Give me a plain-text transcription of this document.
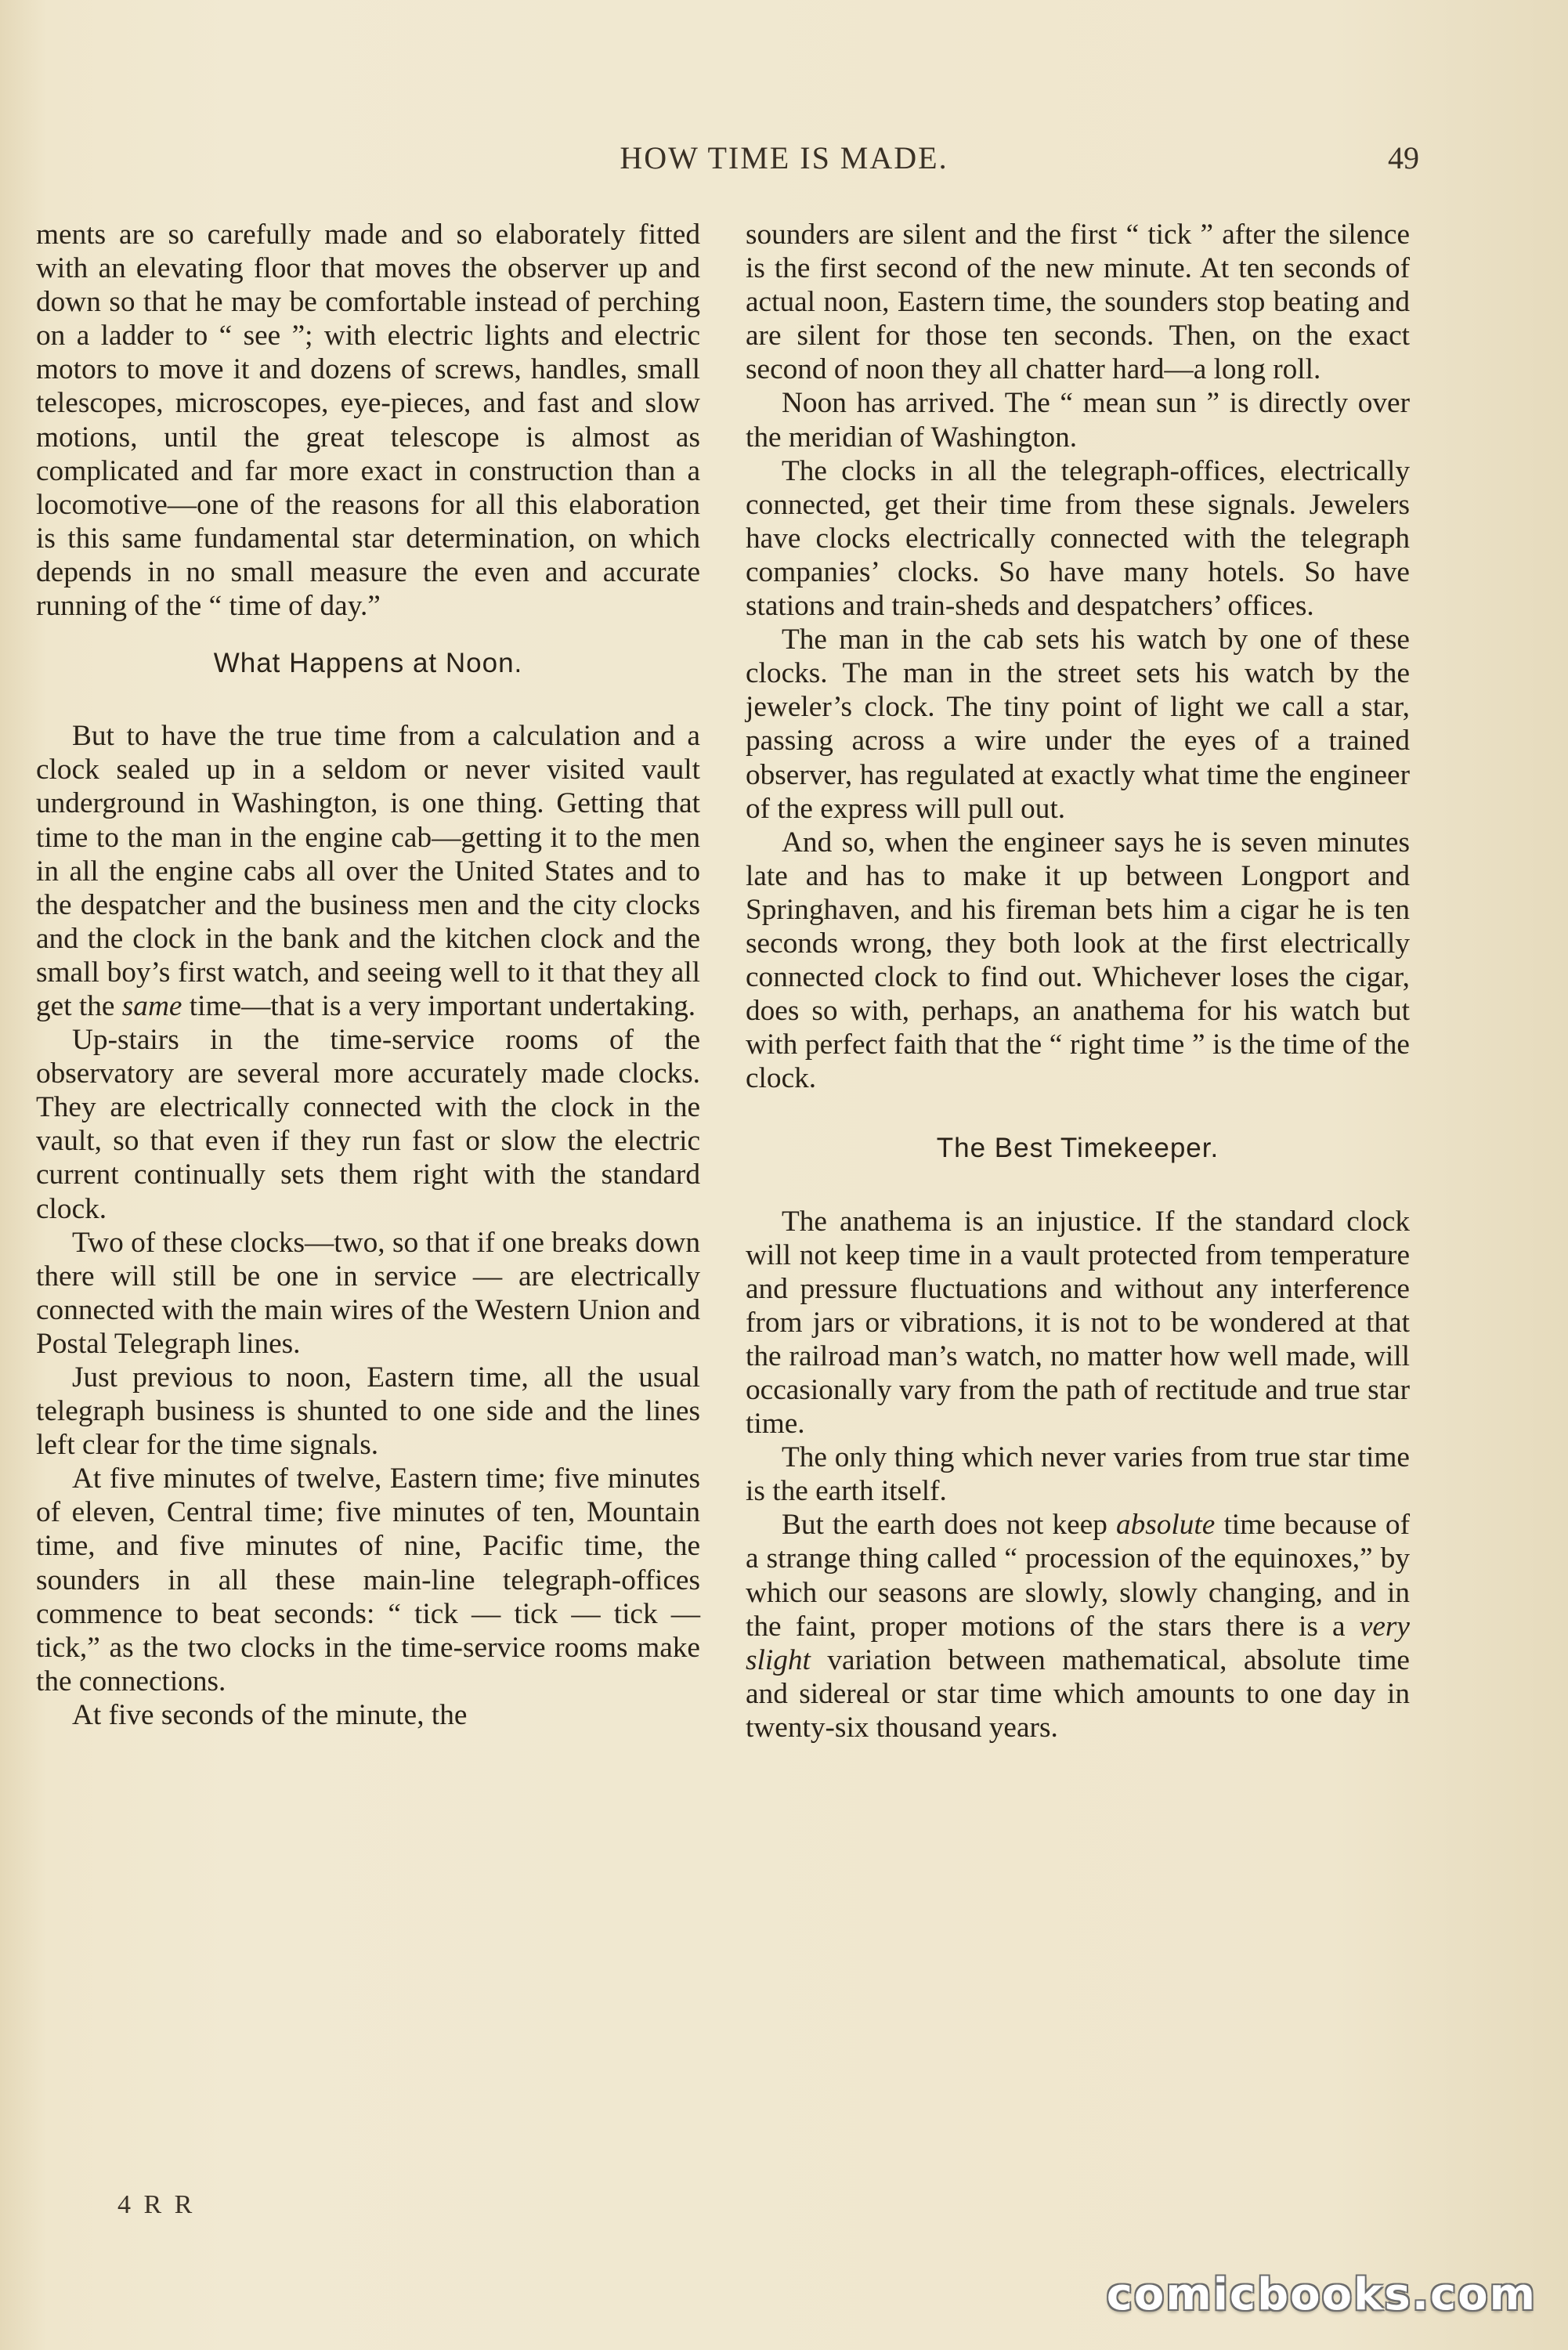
HOW TIME IS MADE.	49

ments are so carefully made and so elaborately fitted with an elevating floor that moves the observer up and down so that he may be comfortable instead of perching on a ladder to “ see ”; with electric lights and electric motors to move it and dozens of screws, handles, small telescopes, microscopes, eye-pieces, and fast and slow motions, until the great telescope is almost as complicated and far more exact in construction than a locomotive—one of the reasons for all this elaboration is this same fundamental star determination, on which depends in no small measure the even and accurate running of the “ time of day.”

What Happens at Noon.

But to have the true time from a calculation and a clock sealed up in a seldom or never visited vault underground in Washington, is one thing. Getting that time to the man in the engine cab—getting it to the men in all the engine cabs all over the United States and to the despatcher and the business men and the city clocks and the clock in the bank and the kitchen clock and the small boy’s first watch, and seeing well to it that they all get the same time—that is a very important undertaking.

Up-stairs in the time-service rooms of the observatory are several more accurately made clocks. They are electrically connected with the clock in the vault, so that even if they run fast or slow the electric current continually sets them right with the standard clock.

Two of these clocks—two, so that if one breaks down there will still be one in service — are electrically connected with the main wires of the Western Union and Postal Telegraph lines.

Just previous to noon, Eastern time, all the usual telegraph business is shunted to one side and the lines left clear for the time signals.

At five minutes of twelve, Eastern time; five minutes of eleven, Central time; five minutes of ten, Mountain time, and five minutes of nine, Pacific time, the sounders in all these main-line telegraph-offices commence to beat seconds: “ tick — tick — tick — tick,” as the two clocks in the time-service rooms make the connections.

At five seconds of the minute, the

sounders are silent and the first “ tick ” after the silence is the first second of the new minute. At ten seconds of actual noon, Eastern time, the sounders stop beating and are silent for those ten seconds. Then, on the exact second of noon they all chatter hard—a long roll.

Noon has arrived. The “ mean sun ” is directly over the meridian of Washington.

The clocks in all the telegraph-offices, electrically connected, get their time from these signals. Jewelers have clocks electrically connected with the telegraph companies’ clocks. So have many hotels. So have stations and train-sheds and despatchers’ offices.

The man in the cab sets his watch by one of these clocks. The man in the street sets his watch by the jeweler’s clock. The tiny point of light we call a star, passing across a wire under the eyes of a trained observer, has regulated at exactly what time the engineer of the express will pull out.

And so, when the engineer says he is seven minutes late and has to make it up between Longport and Springhaven, and his fireman bets him a cigar he is ten seconds wrong, they both look at the first electrically connected clock to find out. Whichever loses the cigar, does so with, perhaps, an anathema for his watch but with perfect faith that the “ right time ” is the time of the clock.

The Best Timekeeper.

The anathema is an injustice. If the standard clock will not keep time in a vault protected from temperature and pressure fluctuations and without any interference from jars or vibrations, it is not to be wondered at that the railroad man’s watch, no matter how well made, will occasionally vary from the path of rectitude and true star time.

The only thing which never varies from true star time is the earth itself.

But the earth does not keep absolute time because of a strange thing called “ procession of the equinoxes,” by which our seasons are slowly, slowly changing, and in the faint, proper motions of the stars there is a very slight variation between mathematical, absolute time and sidereal or star time which amounts to one day in twenty-six thousand years.

4 R R
comicbooks.com
